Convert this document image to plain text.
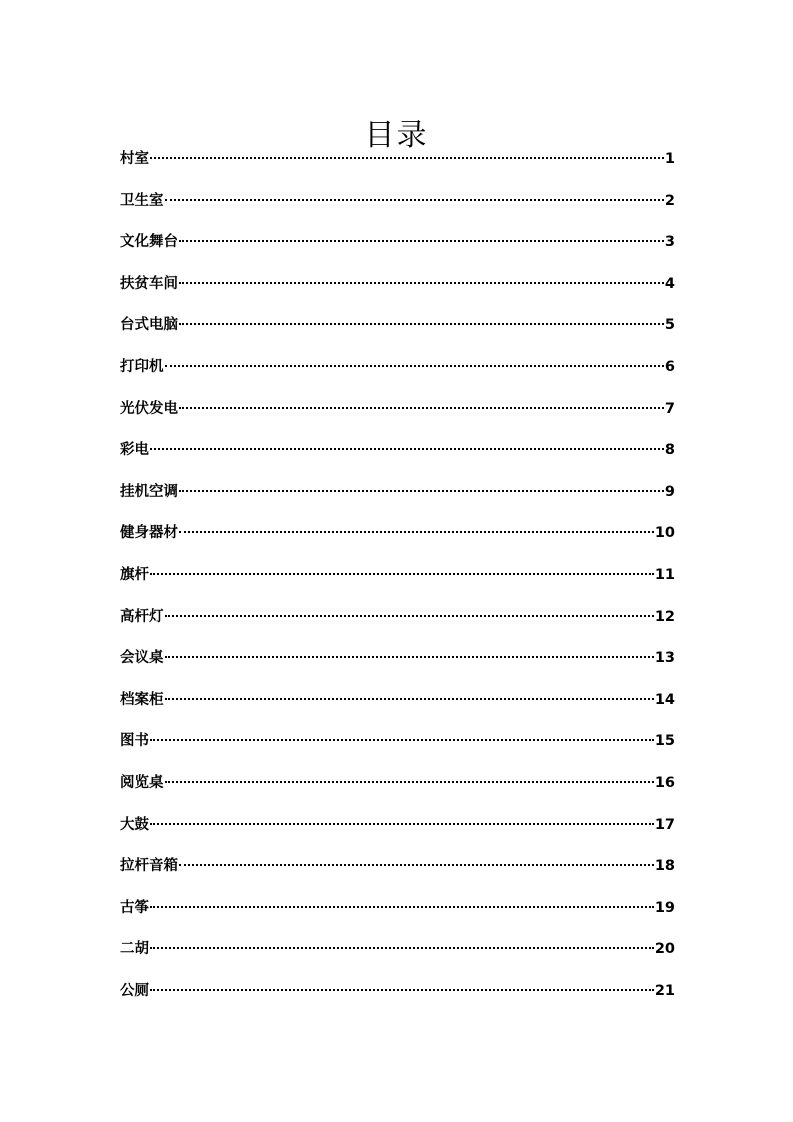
目录
村室	1
卫生室	2
文化舞台	3
扶贫车间	4
台式电脑	5
打印机	6
光伏发电	7
彩电	8
挂机空调	9
健身器材	10
旗杆	11
高杆灯	12
会议桌	13
档案柜	14
图书	15
阅览桌	16
大鼓	17
拉杆音箱	18
古筝	19
二胡	20
公厕	21
